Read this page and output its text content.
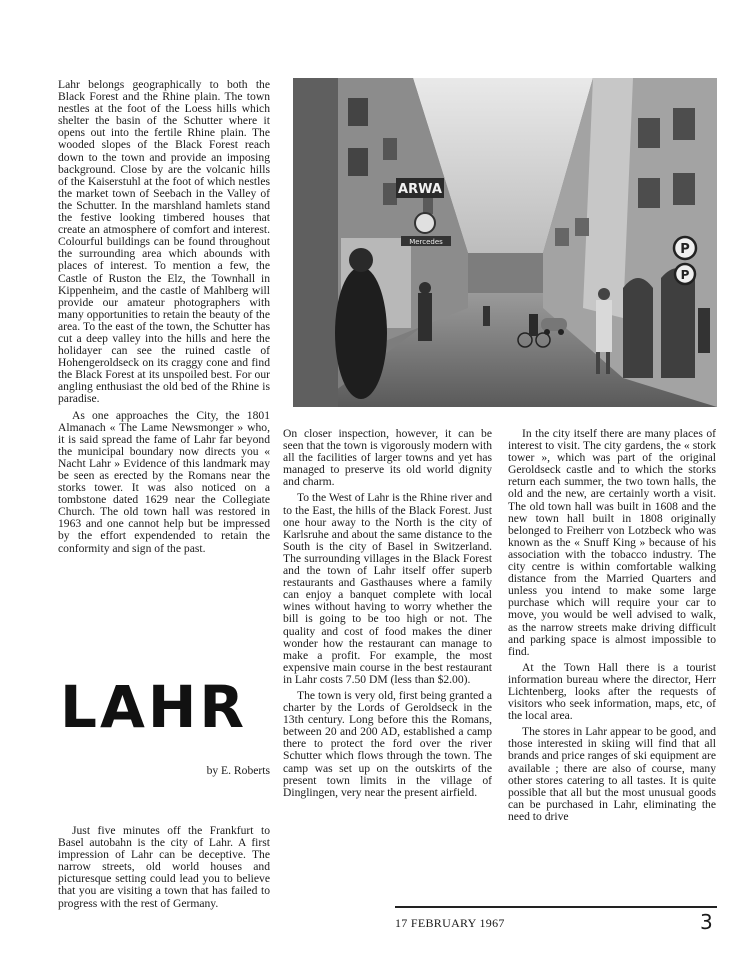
Lahr belongs geographically to both the Black Forest and the Rhine plain. The town nestles at the foot of the Loess hills which shelter the basin of the Schutter where it opens out into the fertile Rhine plain. The wooded slopes of the Black Forest reach down to the town and provide an imposing background. Close by are the volcanic hills of the Kaiserstuhl at the foot of which nestles the market town of Seebach in the Valley of the Schutter. In the marshland hamlets stand the festive looking timbered houses that create an atmosphere of comfort and interest. Colourful buildings can be found throughout the surrounding area which abounds with places of interest. To mention a few, the Castle of Ruston the Elz, the Townhall in Kippenheim, and the castle of Mahlberg will provide our amateur photographers with many opportunities to retain the beauty of the area. To the east of the town, the Schutter has cut a deep valley into the hills and here the holidayer can see the ruined castle of Hohengeroldseck on its craggy cone and find the Black Forest at its unspoiled best. For our angling enthusiast the old bed of the Rhine is paradise.

As one approaches the City, the 1801 Almanach « The Lame Newsmonger » who, it is said spread the fame of Lahr far beyond the municipal boundary now directs you « Nacht Lahr » Evidence of this landmark may be seen as erected by the Romans near the storks tower. It was also noticed on a tombstone dated 1629 near the Collegiate Church. The old town hall was restored in 1963 and one cannot help but be impressed by the effort expendended to retain the conformity and sign of the past.

LAHR
by E. Roberts

Just five minutes off the Frankfurt to Basel autobahn is the city of Lahr. A first impression of Lahr can be deceptive. The narrow streets, old world houses and picturesque setting could lead you to believe that you are visiting a town that has failed to progress with the rest of Germany.

ARWA
Mercedes	P
P

On closer inspection, however, it can be seen that the town is vigorously modern with all the facilities of larger towns and yet has managed to preserve its old world dignity and charm.

To the West of Lahr is the Rhine river and to the East, the hills of the Black Forest. Just one hour away to the North is the city of Karlsruhe and about the same distance to the South is the city of Basel in Switzerland. The surrounding villages in the Black Forest and the town of Lahr itself offer superb restaurants and Gasthauses where a family can enjoy a banquet complete with local wines without having to worry whether the bill is going to be too high or not. The quality and cost of food makes the diner wonder how the restaurant can manage to make a profit. For example, the most expensive main course in the best restaurant in Lahr costs 7.50 DM (less than $2.00).

The town is very old, first being granted a charter by the Lords of Geroldseck in the 13th century. Long before this the Romans, between 20 and 200 AD, established a camp there to protect the ford over the river Schutter which flows through the town. The camp was set up on the outskirts of the present town limits in the village of Dinglingen, very near the present airfield.

In the city itself there are many places of interest to visit. The city gardens, the « stork tower », which was part of the original Geroldseck castle and to which the storks return each summer, the two town halls, the old and the new, are certainly worth a visit. The old town hall was built in 1608 and the new town hall built in 1808 originally belonged to Freiherr von Lotzbeck who was known as the « Snuff King » because of his association with the tobacco industry. The city centre is within comfortable walking distance from the Married Quarters and unless you intend to make some large purchase which will require your car to move, you would be well advised to walk, as the narrow streets make driving difficult and parking space is almost impossible to find.

At the Town Hall there is a tourist information bureau where the director, Herr Lichtenberg, looks after the requests of visitors who seek information, maps, etc, of the local area.

The stores in Lahr appear to be good, and those interested in skiing will find that all brands and price ranges of ski equipment are available ; there are also of course, many other stores catering to all tastes. It is quite possible that all but the most unusual goods can be purchased in Lahr, eliminating the need to drive

17 FEBRUARY 1967	3
